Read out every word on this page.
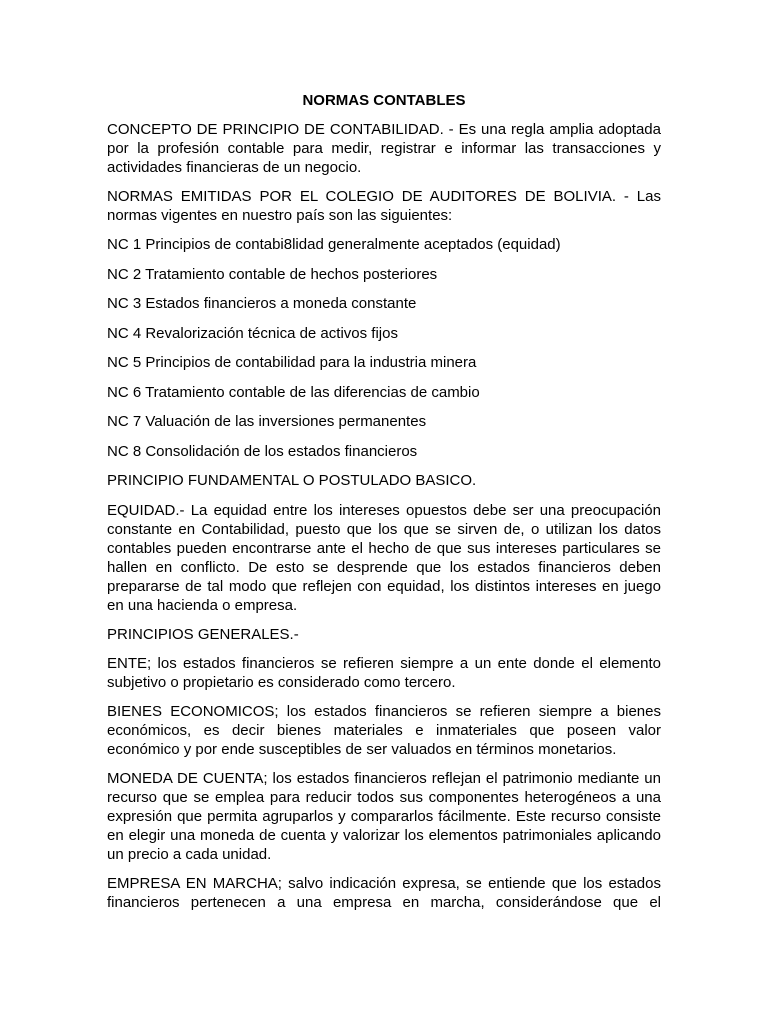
NORMAS CONTABLES

CONCEPTO DE PRINCIPIO DE CONTABILIDAD. - Es una regla amplia adoptada por la profesión contable para medir, registrar e informar las transacciones y actividades financieras de un negocio.

NORMAS EMITIDAS POR EL COLEGIO DE AUDITORES DE BOLIVIA. - Las normas vigentes en nuestro país son las siguientes:

NC 1 Principios de contabi8lidad generalmente aceptados (equidad)
NC 2 Tratamiento contable de hechos posteriores
NC 3 Estados financieros a moneda constante
NC 4 Revalorización técnica de activos fijos
NC 5 Principios de contabilidad para la industria minera
NC 6 Tratamiento contable de las diferencias de cambio
NC 7 Valuación de las inversiones permanentes
NC 8 Consolidación de los estados financieros
PRINCIPIO FUNDAMENTAL O POSTULADO BASICO.

EQUIDAD.- La equidad entre los intereses opuestos debe ser una preocupación constante en Contabilidad, puesto que los que se sirven de, o utilizan los datos contables pueden encontrarse ante el hecho de que sus intereses particulares se hallen en conflicto. De esto se desprende que los estados financieros deben prepararse de tal modo que reflejen con equidad, los distintos intereses en juego en una hacienda o empresa.

PRINCIPIOS GENERALES.-

ENTE; los estados financieros se refieren siempre a un ente donde el elemento subjetivo o propietario es considerado como tercero.

BIENES ECONOMICOS; los estados financieros se refieren siempre a bienes económicos, es decir bienes materiales e inmateriales que poseen valor económico y por ende susceptibles de ser valuados en términos monetarios.

MONEDA DE CUENTA; los estados financieros reflejan el patrimonio mediante un recurso que se emplea para reducir todos sus componentes heterogéneos a una expresión que permita agruparlos y compararlos fácilmente. Este recurso consiste en elegir una moneda de cuenta y valorizar los elementos patrimoniales aplicando un precio a cada unidad.

EMPRESA EN MARCHA; salvo indicación expresa, se entiende que los estados financieros pertenecen a una empresa en marcha, considerándose que el
